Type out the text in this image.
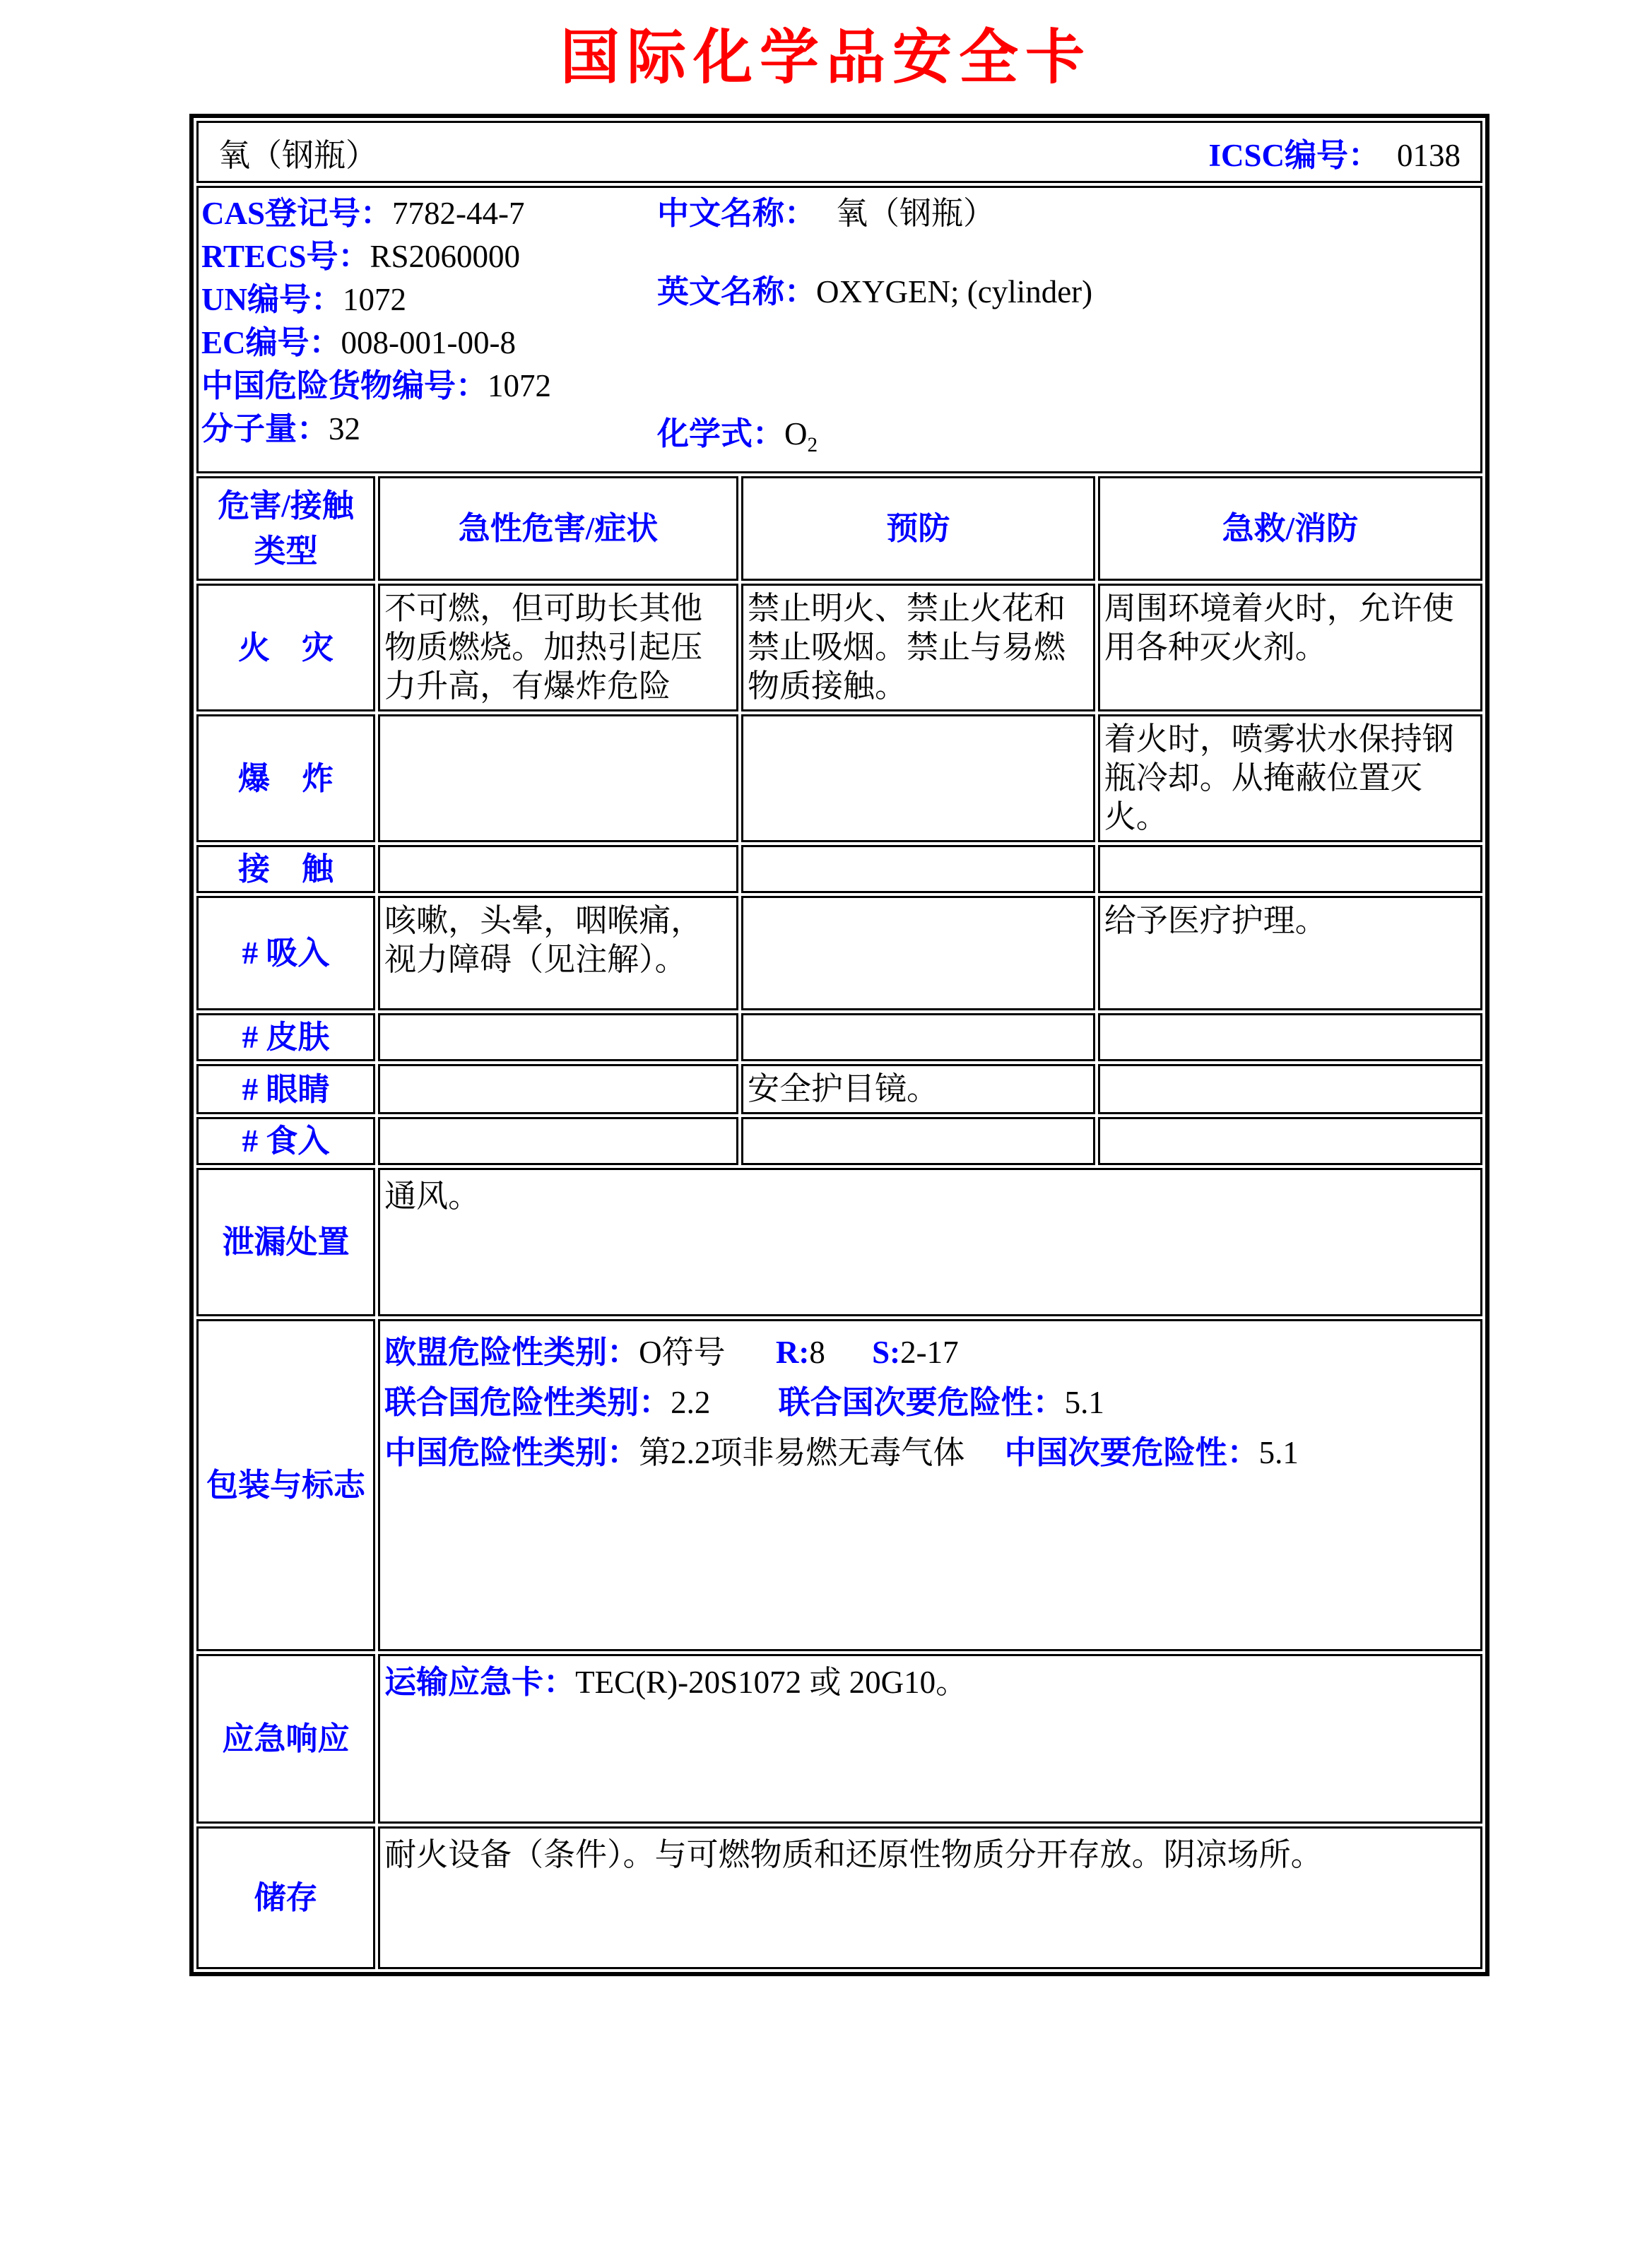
国际化学品安全卡
氧（钢瓶） ICSC编号： 0138			

CAS登记号：7782-44-7
RTECS号：RS2060000
UN编号：1072
EC编号：008-001-00-8
中国危险货物编号：1072
分子量：32
中文名称： 氧（钢瓶）
英文名称：OXYGEN; (cylinder)
化学式：$O_2$

危害/接触
类型	急性危害/症状	预防	急救/消防
火　灾	不可燃，但可助长其他物质燃烧。加热引起压力升高，有爆炸危险	禁止明火、禁止火花和禁止吸烟。禁止与易燃物质接触。	周围环境着火时，允许使用各种灭火剂。
爆　炸			着火时，喷雾状水保持钢瓶冷却。从掩蔽位置灭火。
接　触			
# 吸入	咳嗽，头晕，咽喉痛，视力障碍（见注解）。		给予医疗护理。
# 皮肤			
# 眼睛		安全护目镜。	
# 食入			
泄漏处置	通风。		
包装与标志	欧盟危险性类别：O符号 R:8 S:2-17
联合国危险性类别：2.2 联合国次要危险性：5.1
中国危险性类别：第2.2项非易燃无毒气体 中国次要危险性：5.1		

应急响应	运输应急卡：TEC(R)-20S1072 或 20G10。		
储存	耐火设备（条件）。与可燃物质和还原性物质分开存放。阴凉场所。		
